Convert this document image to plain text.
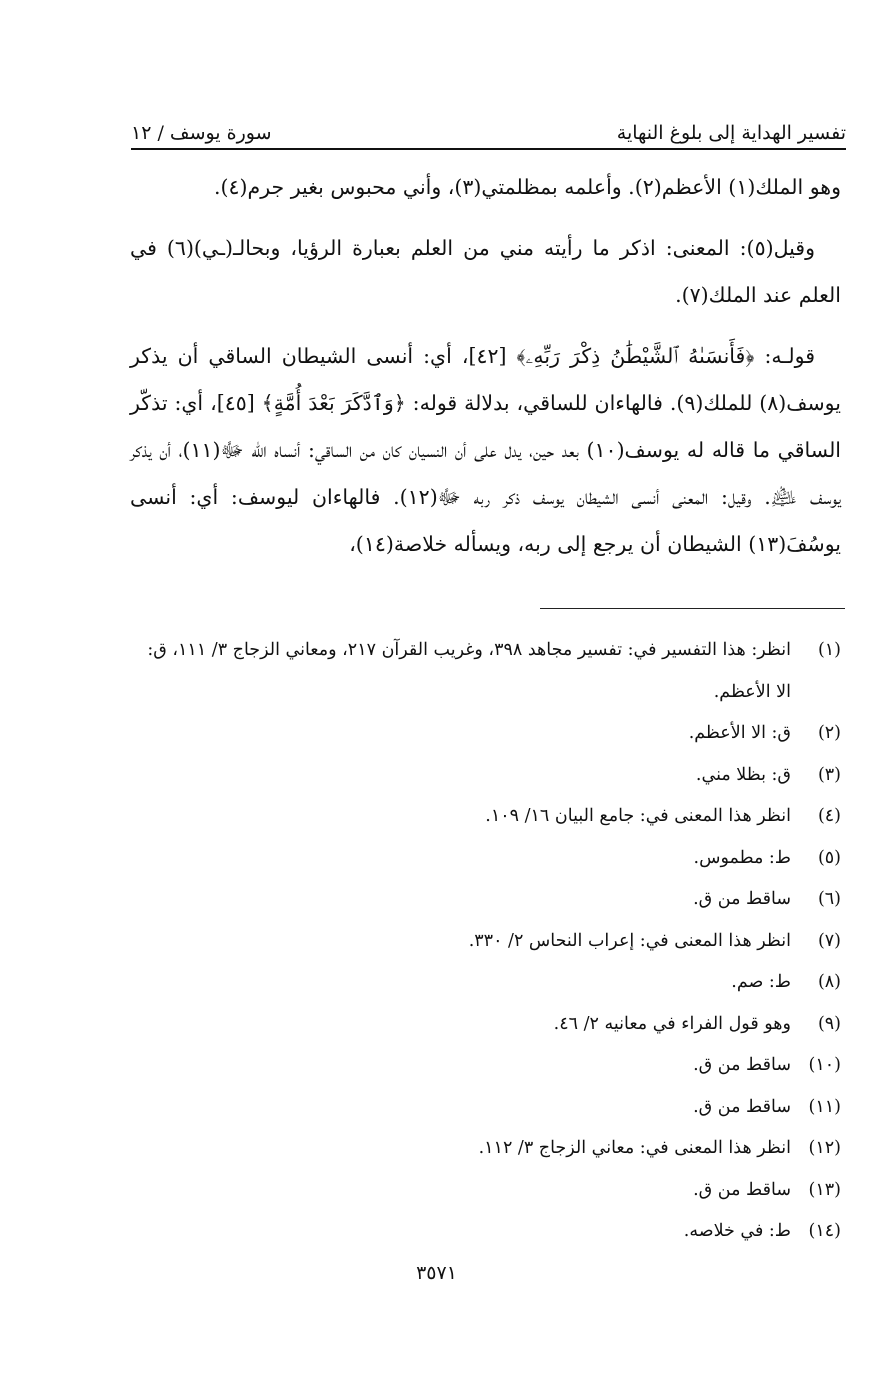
تفسير الهداية إلى بلوغ النهاية
سورة يوسف / ١٢

وهو الملك(١) الأعظم(٢). وأعلمه بمظلمتي(٣)، وأني محبوس بغير جرم(٤).

وقيل(٥): المعنى: اذكر ما رأيته مني من العلم بعبارة الرؤيا، وبحالـ(ـي)(٦) في العلم عند الملك(٧).

قولـه: ﴿فَأَنسَىٰهُ ٱلشَّيْطَٰنُ ذِكْرَ رَبِّهِۦ﴾ [٤٢]، أي: أنسى الشيطان الساقي أن يذكر يوسف(٨) للملك(٩). فالهاءان للساقي، بدلالة قوله: ﴿وَٱدَّكَرَ بَعْدَ أُمَّةٍ﴾ [٤٥]، أي: تذكّر الساقي ما قاله له يوسف(١٠) بعد حين، يدل على أن النسيان كان من الساقي: أنساه الله ﷻ(١١)، أن يذكر يوسف ﵇. وقيل: المعنى أنسى الشيطان يوسف ذكر ربه ﷻ(١٢). فالهاءان ليوسف: أي: أنسى يوسُفَ(١٣) الشيطان أن يرجع إلى ربه، ويسأله خلاصة(١٤)،

(١)
انظر: هذا التفسير في: تفسير مجاهد ٣٩٨، وغريب القرآن ٢١٧، ومعاني الزجاج ٣/ ١١١، ق: الا الأعظم.
(٢)
ق: الا الأعظم.
(٣)
ق: بظلا مني.
(٤)
انظر هذا المعنى في: جامع البيان ١٦/ ١٠٩.
(٥)
ط: مطموس.
(٦)
ساقط من ق.
(٧)
انظر هذا المعنى في: إعراب النحاس ٢/ ٣٣٠.
(٨)
ط: صم.
(٩)
وهو قول الفراء في معانيه ٢/ ٤٦.
(١٠)
ساقط من ق.
(١١)
ساقط من ق.
(١٢)
انظر هذا المعنى في: معاني الزجاج ٣/ ١١٢.
(١٣)
ساقط من ق.
(١٤)
ط: في خلاصه.
٣٥٧١
